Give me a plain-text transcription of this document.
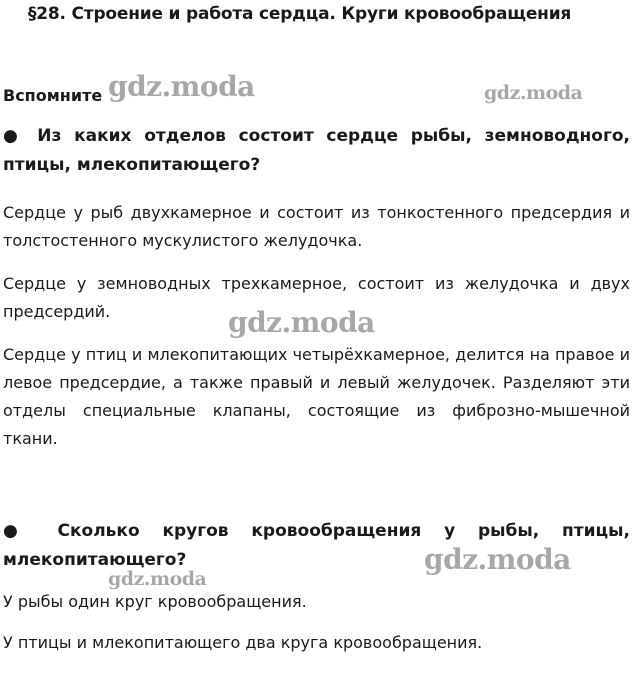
§28. Строение и работа сердца. Круги кровообращения
Вспомните
● Из каких отделов состоит сердце рыбы, земноводного, птицы, млекопитающего?
Сердце у рыб двухкамерное и состоит из тонкостенного предсердия и толстостенного мускулистого желудочка.
Сердце у земноводных трехкамерное, состоит из желудочка и двух предсердий.
Сердце у птиц и млекопитающих четырёхкамерное, делится на правое и левое предсердие, а также правый и левый желудочек. Разделяют эти отделы специальные клапаны, состоящие из фиброзно-мышечной ткани.
● Сколько кругов кровообращения у рыбы, птицы, млекопитающего?
У рыбы один круг кровообращения.
У птицы и млекопитающего два круга кровообращения.
gdz.moda	gdz.moda
gdz.moda
gdz.moda
gdz.moda
